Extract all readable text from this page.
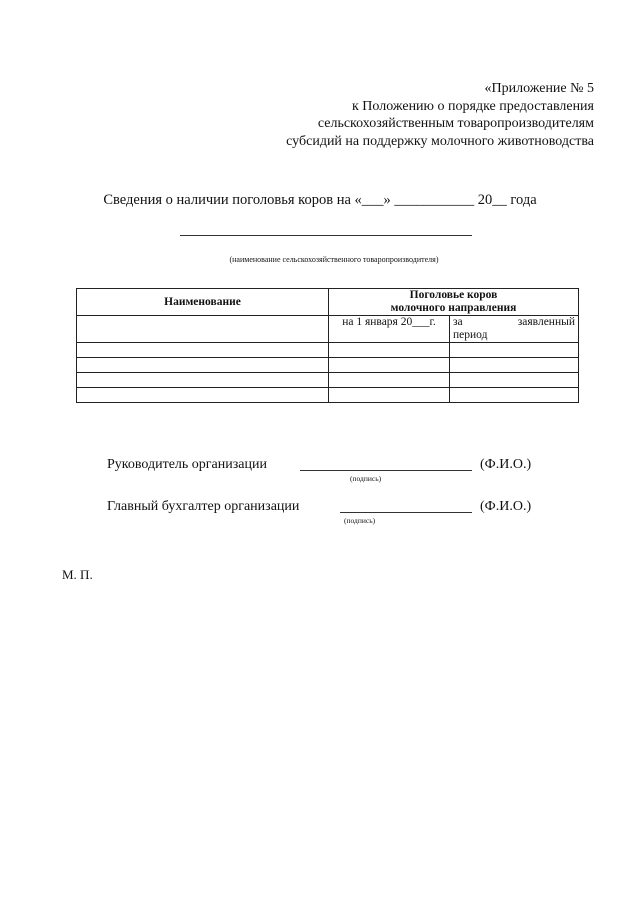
«Приложение № 5
к Положению о порядке предоставления
сельскохозяйственным товаропроизводителям
субсидий на поддержку молочного животноводства
Сведения о наличии поголовья коров на «___» ___________ 20__ года
(наименование сельскохозяйственного товаропроизводителя)
Наименование	Поголовье коров
молочного направления	

	на 1 января 20___г.	за заявленный
период

Руководитель организации	(Ф.И.О.)
(подпись)
Главный бухгалтер организации	(Ф.И.О.)
(подпись)
М. П.
